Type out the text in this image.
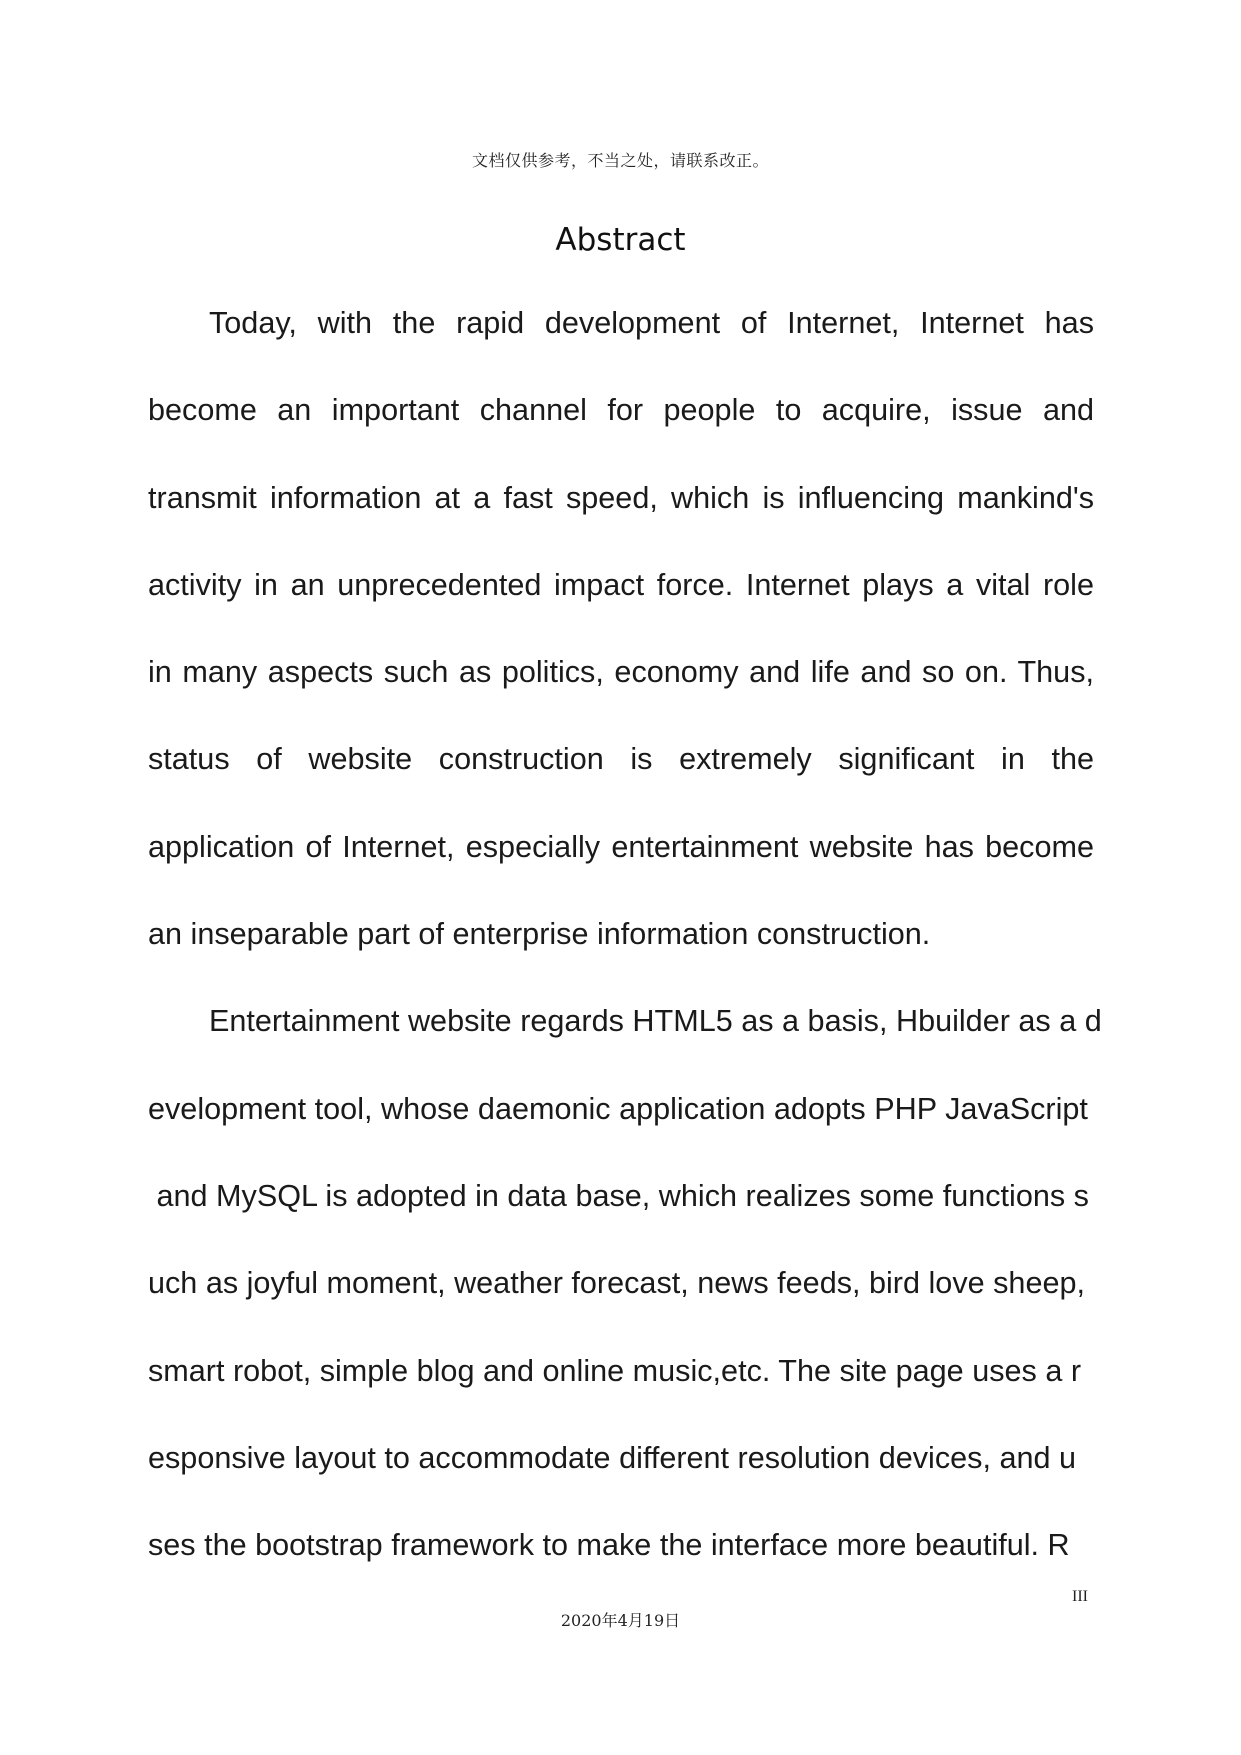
文档仅供参考，不当之处，请联系改正。
Abstract
Today, with the rapid development of Internet, Internet has
become an important channel for people to acquire, issue and
transmit information at a fast speed, which is influencing mankind's
activity in an unprecedented impact force. Internet plays a vital role
in many aspects such as politics, economy and life and so on. Thus,
status of website construction is extremely significant in the
application of Internet, especially entertainment website has become
an inseparable part of enterprise information construction.
Entertainment website regards HTML5 as a basis, Hbuilder as a d
evelopment tool, whose daemonic application adopts PHP JavaScript
and MySQL is adopted in data base, which realizes some functions s
uch as joyful moment, weather forecast, news feeds, bird love sheep,
smart robot, simple blog and online music,etc. The site page uses a r
esponsive layout to accommodate different resolution devices, and u
ses the bootstrap framework to make the interface more beautiful. R
III
2020年4月19日
